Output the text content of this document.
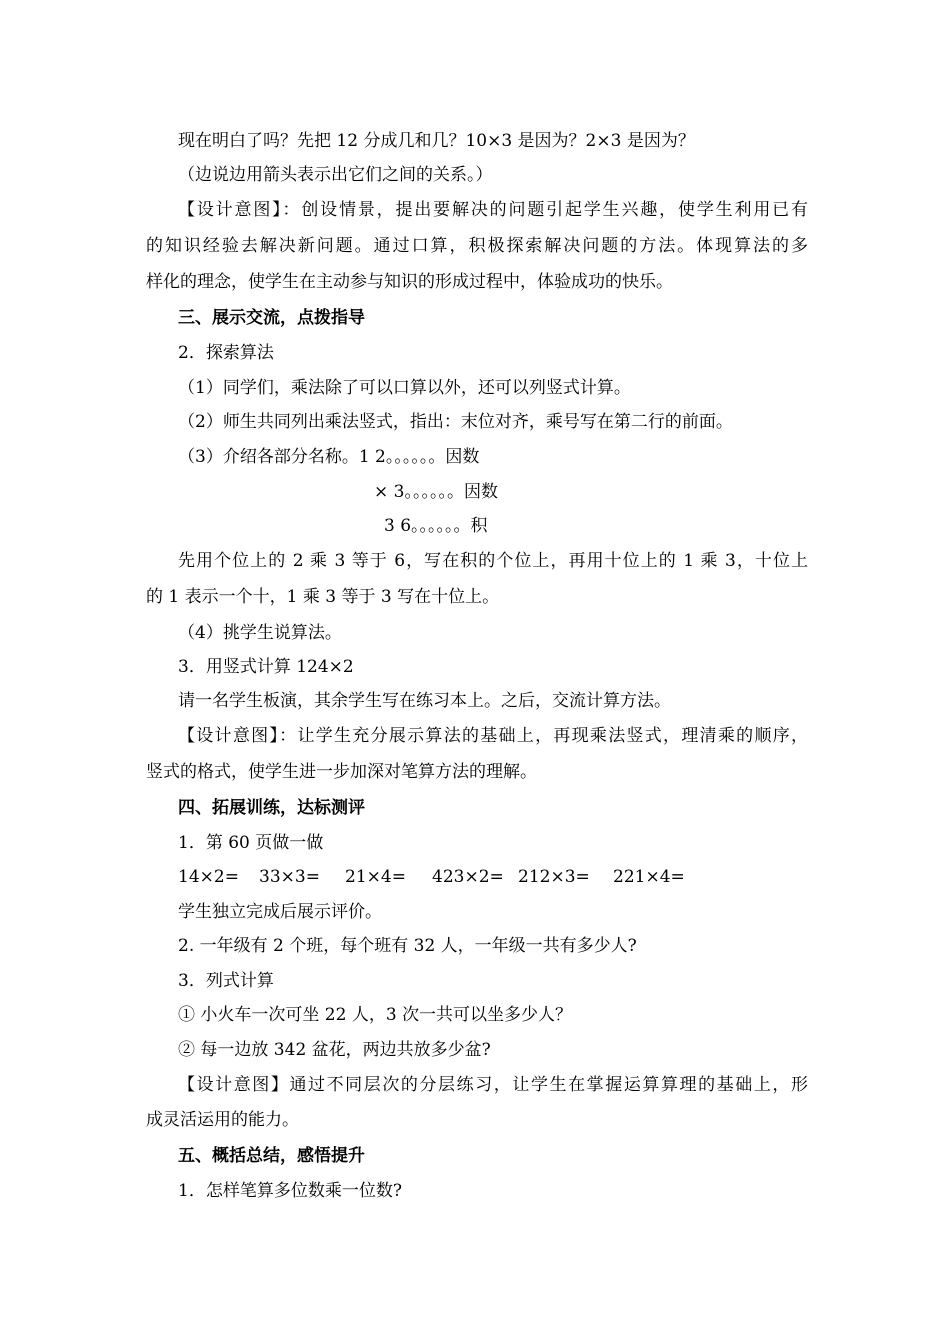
现在明白了吗？先把 12 分成几和几？10×3 是因为？2×3 是因为？
（边说边用箭头表示出它们之间的关系。）
【设计意图】：创设情景，提出要解决的问题引起学生兴趣，使学生利用已有
的知识经验去解决新问题。通过口算，积极探索解决问题的方法。体现算法的多
样化的理念，使学生在主动参与知识的形成过程中，体验成功的快乐。
三、展示交流，点拨指导
2．探索算法
（1）同学们，乘法除了可以口算以外，还可以列竖式计算。
（2）师生共同列出乘法竖式，指出：末位对齐，乘号写在第二行的前面。
（3）介绍各部分名称。1 2。。。。。。因数
× 3。。。。。。因数
3 6。。。。。。积
先用个位上的 2 乘 3 等于 6，写在积的个位上，再用十位上的 1 乘 3，十位上
的 1 表示一个十，1 乘 3 等于 3 写在十位上。
（4）挑学生说算法。
3．用竖式计算 124×2
请一名学生板演，其余学生写在练习本上。之后，交流计算方法。
【设计意图】：让学生充分展示算法的基础上，再现乘法竖式，理清乘的顺序，
竖式的格式，使学生进一步加深对笔算方法的理解。
四、拓展训练，达标测评
1．第 60 页做一做
14×2= 33×3= 21×4= 423×2= 212×3= 221×4=
学生独立完成后展示评价。
2. 一年级有 2 个班，每个班有 32 人，一年级一共有多少人?
3．列式计算
① 小火车一次可坐 22 人，3 次一共可以坐多少人？
② 每一边放 342 盆花，两边共放多少盆?
【设计意图】通过不同层次的分层练习，让学生在掌握运算算理的基础上，形
成灵活运用的能力。
五、概括总结，感悟提升
1．怎样笔算多位数乘一位数?
